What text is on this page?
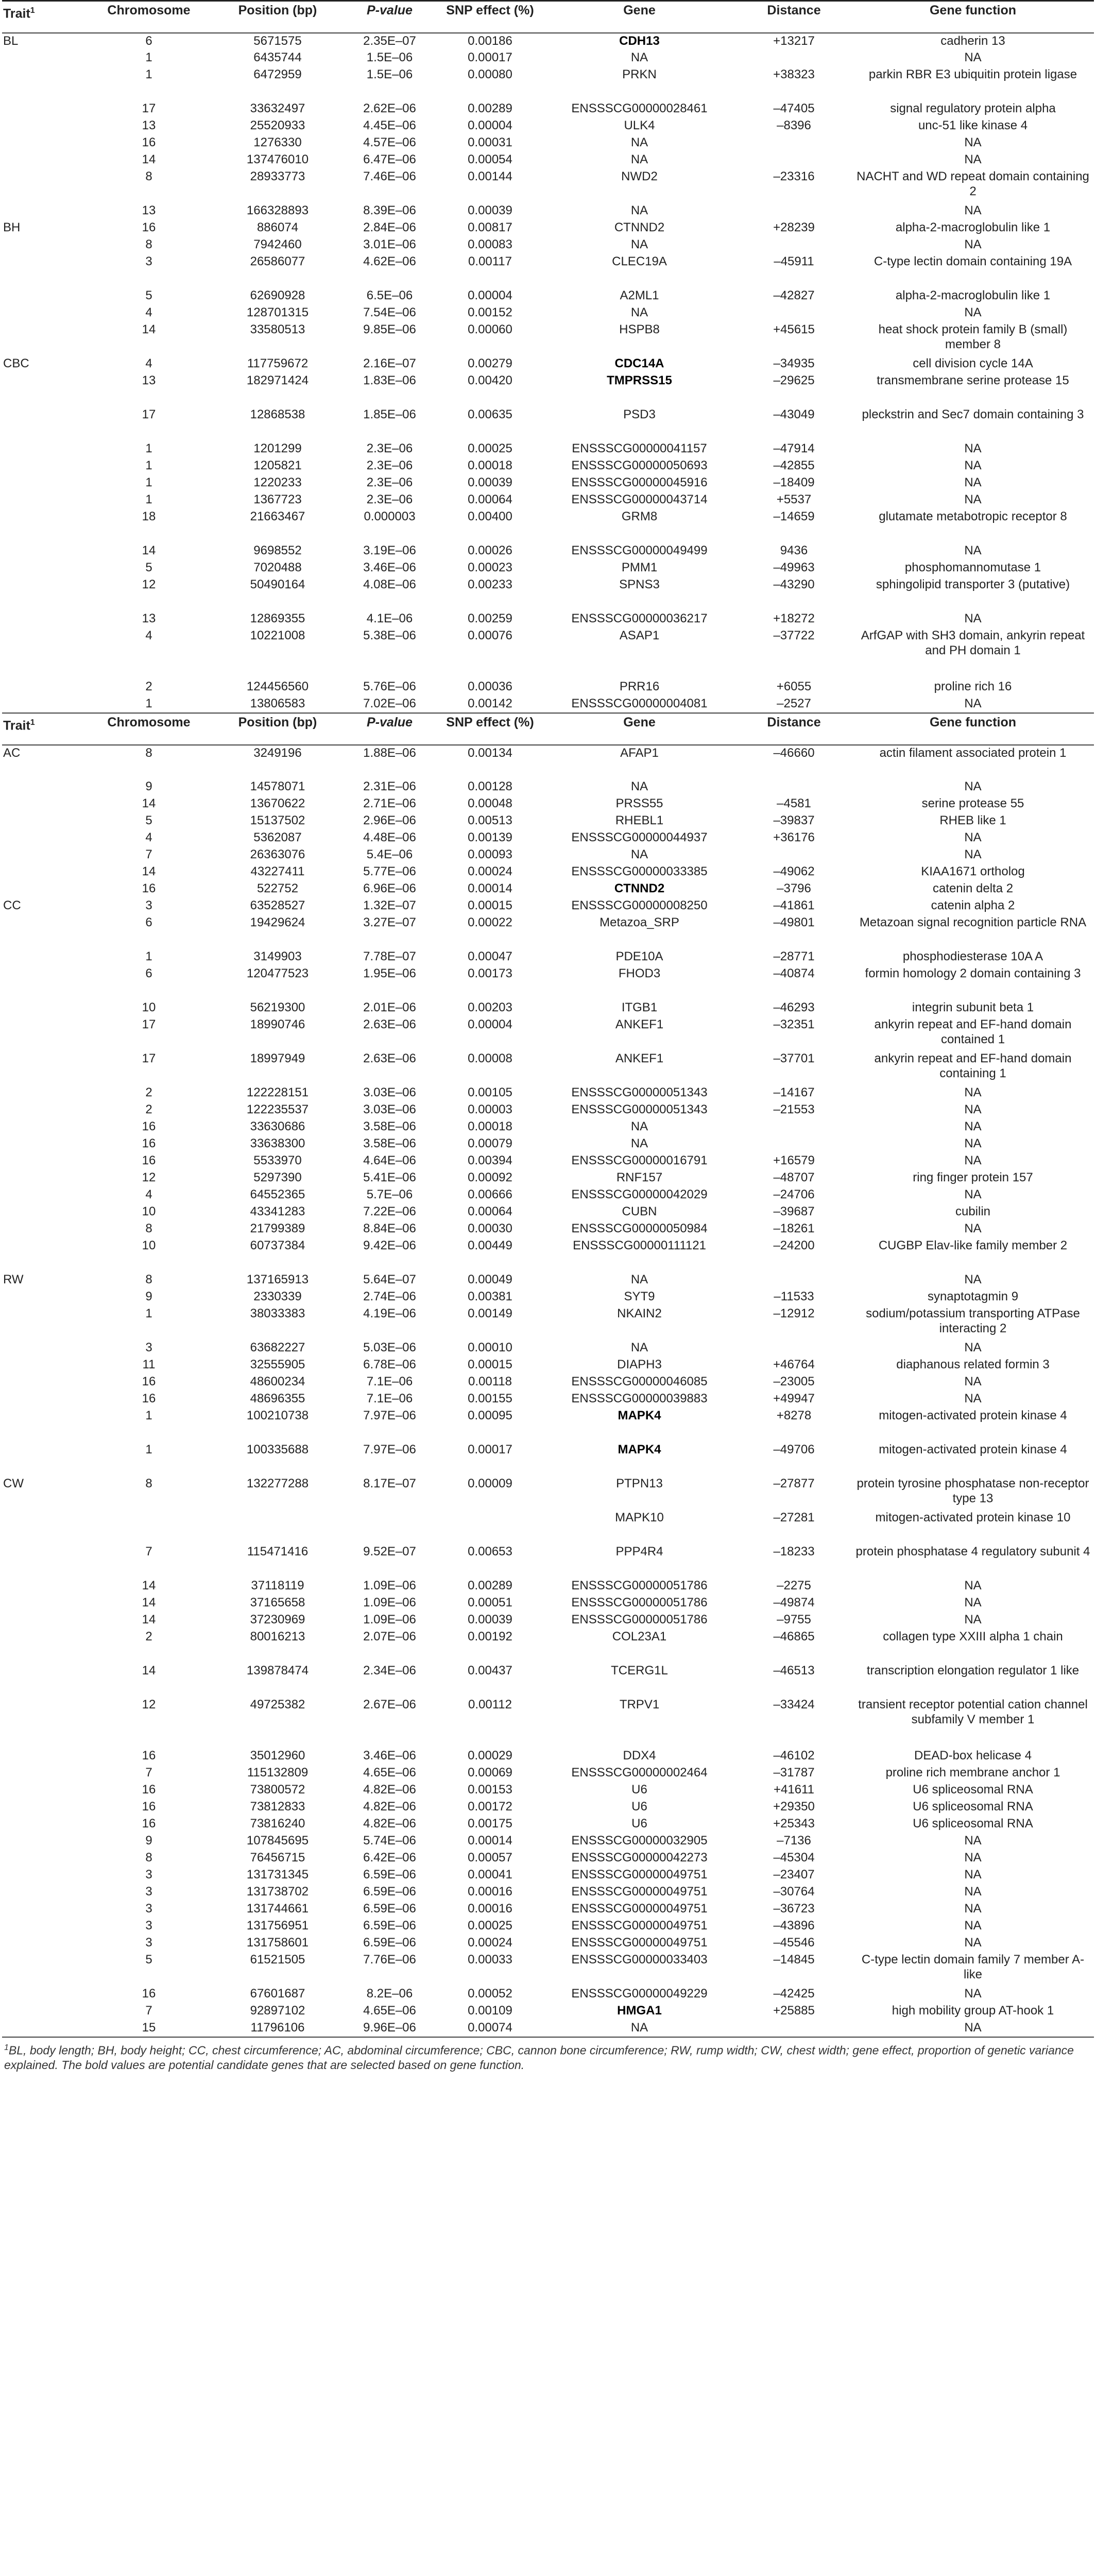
Trait$^1$	Chromosome	Position (bp)	P-value	SNP effect (%)	Gene	Distance	Gene function
BL	6	5671575	2.35E–07	0.00186	CDH13	+13217	cadherin 13
	1	6435744	1.5E–06	0.00017	NA		NA
	1	6472959	1.5E–06	0.00080	PRKN	+38323	parkin RBR E3 ubiquitin protein ligase
	17	33632497	2.62E–06	0.00289	ENSSSCG00000028461	–47405	signal regulatory protein alpha
	13	25520933	4.45E–06	0.00004	ULK4	–8396	unc-51 like kinase 4
	16	1276330	4.57E–06	0.00031	NA		NA
	14	137476010	6.47E–06	0.00054	NA		NA
	8	28933773	7.46E–06	0.00144	NWD2	–23316	NACHT and WD repeat domain containing 2
	13	166328893	8.39E–06	0.00039	NA		NA
BH	16	886074	2.84E–06	0.00817	CTNND2	+28239	alpha-2-macroglobulin like 1
	8	7942460	3.01E–06	0.00083	NA		NA
	3	26586077	4.62E–06	0.00117	CLEC19A	–45911	C-type lectin domain containing 19A
	5	62690928	6.5E–06	0.00004	A2ML1	–42827	alpha-2-macroglobulin like 1
	4	128701315	7.54E–06	0.00152	NA		NA
	14	33580513	9.85E–06	0.00060	HSPB8	+45615	heat shock protein family B (small) member 8
CBC	4	117759672	2.16E–07	0.00279	CDC14A	–34935	cell division cycle 14A
	13	182971424	1.83E–06	0.00420	TMPRSS15	–29625	transmembrane serine protease 15
	17	12868538	1.85E–06	0.00635	PSD3	–43049	pleckstrin and Sec7 domain containing 3
	1	1201299	2.3E–06	0.00025	ENSSSCG00000041157	–47914	NA
	1	1205821	2.3E–06	0.00018	ENSSSCG00000050693	–42855	NA
	1	1220233	2.3E–06	0.00039	ENSSSCG00000045916	–18409	NA
	1	1367723	2.3E–06	0.00064	ENSSSCG00000043714	+5537	NA
	18	21663467	0.000003	0.00400	GRM8	–14659	glutamate metabotropic receptor 8
	14	9698552	3.19E–06	0.00026	ENSSSCG00000049499	9436	NA
	5	7020488	3.46E–06	0.00023	PMM1	–49963	phosphomannomutase 1
	12	50490164	4.08E–06	0.00233	SPNS3	–43290	sphingolipid transporter 3 (putative)
	13	12869355	4.1E–06	0.00259	ENSSSCG00000036217	+18272	NA
	4	10221008	5.38E–06	0.00076	ASAP1	–37722	ArfGAP with SH3 domain, ankyrin repeat and PH domain 1
	2	124456560	5.76E–06	0.00036	PRR16	+6055	proline rich 16
	1	13806583	7.02E–06	0.00142	ENSSSCG00000004081	–2527	NA
Trait$^1$	Chromosome	Position (bp)	P-value	SNP effect (%)	Gene	Distance	Gene function
AC	8	3249196	1.88E–06	0.00134	AFAP1	–46660	actin filament associated protein 1
	9	14578071	2.31E–06	0.00128	NA		NA
	14	13670622	2.71E–06	0.00048	PRSS55	–4581	serine protease 55
	5	15137502	2.96E–06	0.00513	RHEBL1	–39837	RHEB like 1
	4	5362087	4.48E–06	0.00139	ENSSSCG00000044937	+36176	NA
	7	26363076	5.4E–06	0.00093	NA		NA
	14	43227411	5.77E–06	0.00024	ENSSSCG00000033385	–49062	KIAA1671 ortholog
	16	522752	6.96E–06	0.00014	CTNND2	–3796	catenin delta 2
CC	3	63528527	1.32E–07	0.00015	ENSSSCG00000008250	–41861	catenin alpha 2
	6	19429624	3.27E–07	0.00022	Metazoa_SRP	–49801	Metazoan signal recognition particle RNA
	1	3149903	7.78E–07	0.00047	PDE10A	–28771	phosphodiesterase 10A A
	6	120477523	1.95E–06	0.00173	FHOD3	–40874	formin homology 2 domain containing 3
	10	56219300	2.01E–06	0.00203	ITGB1	–46293	integrin subunit beta 1
	17	18990746	2.63E–06	0.00004	ANKEF1	–32351	ankyrin repeat and EF-hand domain contained 1
	17	18997949	2.63E–06	0.00008	ANKEF1	–37701	ankyrin repeat and EF-hand domain containing 1
	2	122228151	3.03E–06	0.00105	ENSSSCG00000051343	–14167	NA
	2	122235537	3.03E–06	0.00003	ENSSSCG00000051343	–21553	NA
	16	33630686	3.58E–06	0.00018	NA		NA
	16	33638300	3.58E–06	0.00079	NA		NA
	16	5533970	4.64E–06	0.00394	ENSSSCG00000016791	+16579	NA
	12	5297390	5.41E–06	0.00092	RNF157	–48707	ring finger protein 157
	4	64552365	5.7E–06	0.00666	ENSSSCG00000042029	–24706	NA
	10	43341283	7.22E–06	0.00064	CUBN	–39687	cubilin
	8	21799389	8.84E–06	0.00030	ENSSSCG00000050984	–18261	NA
	10	60737384	9.42E–06	0.00449	ENSSSCG00000111121	–24200	CUGBP Elav-like family member 2
RW	8	137165913	5.64E–07	0.00049	NA		NA
	9	2330339	2.74E–06	0.00381	SYT9	–11533	synaptotagmin 9
	1	38033383	4.19E–06	0.00149	NKAIN2	–12912	sodium/potassium transporting ATPase interacting 2
	3	63682227	5.03E–06	0.00010	NA		NA
	11	32555905	6.78E–06	0.00015	DIAPH3	+46764	diaphanous related formin 3
	16	48600234	7.1E–06	0.00118	ENSSSCG00000046085	–23005	NA
	16	48696355	7.1E–06	0.00155	ENSSSCG00000039883	+49947	NA
	1	100210738	7.97E–06	0.00095	MAPK4	+8278	mitogen-activated protein kinase 4
	1	100335688	7.97E–06	0.00017	MAPK4	–49706	mitogen-activated protein kinase 4
CW	8	132277288	8.17E–07	0.00009	PTPN13	–27877	protein tyrosine phosphatase non-receptor type 13
					MAPK10	–27281	mitogen-activated protein kinase 10
	7	115471416	9.52E–07	0.00653	PPP4R4	–18233	protein phosphatase 4 regulatory subunit 4
	14	37118119	1.09E–06	0.00289	ENSSSCG00000051786	–2275	NA
	14	37165658	1.09E–06	0.00051	ENSSSCG00000051786	–49874	NA
	14	37230969	1.09E–06	0.00039	ENSSSCG00000051786	–9755	NA
	2	80016213	2.07E–06	0.00192	COL23A1	–46865	collagen type XXIII alpha 1 chain
	14	139878474	2.34E–06	0.00437	TCERG1L	–46513	transcription elongation regulator 1 like
	12	49725382	2.67E–06	0.00112	TRPV1	–33424	transient receptor potential cation channel subfamily V member 1
	16	35012960	3.46E–06	0.00029	DDX4	–46102	DEAD-box helicase 4
	7	115132809	4.65E–06	0.00069	ENSSSCG00000002464	–31787	proline rich membrane anchor 1
	16	73800572	4.82E–06	0.00153	U6	+41611	U6 spliceosomal RNA
	16	73812833	4.82E–06	0.00172	U6	+29350	U6 spliceosomal RNA
	16	73816240	4.82E–06	0.00175	U6	+25343	U6 spliceosomal RNA
	9	107845695	5.74E–06	0.00014	ENSSSCG00000032905	–7136	NA
	8	76456715	6.42E–06	0.00057	ENSSSCG00000042273	–45304	NA
	3	131731345	6.59E–06	0.00041	ENSSSCG00000049751	–23407	NA
	3	131738702	6.59E–06	0.00016	ENSSSCG00000049751	–30764	NA
	3	131744661	6.59E–06	0.00016	ENSSSCG00000049751	–36723	NA
	3	131756951	6.59E–06	0.00025	ENSSSCG00000049751	–43896	NA
	3	131758601	6.59E–06	0.00024	ENSSSCG00000049751	–45546	NA
	5	61521505	7.76E–06	0.00033	ENSSSCG00000033403	–14845	C-type lectin domain family 7 member A-like
	16	67601687	8.2E–06	0.00052	ENSSSCG00000049229	–42425	NA
	7	92897102	4.65E–06	0.00109	HMGA1	+25885	high mobility group AT-hook 1
	15	11796106	9.96E–06	0.00074	NA		NA
$^1$BL, body length; BH, body height; CC, chest circumference; AC, abdominal circumference; CBC, cannon bone circumference; RW, rump width; CW, chest width; gene effect, proportion of genetic variance explained. The bold values are potential candidate genes that are selected based on gene function.
